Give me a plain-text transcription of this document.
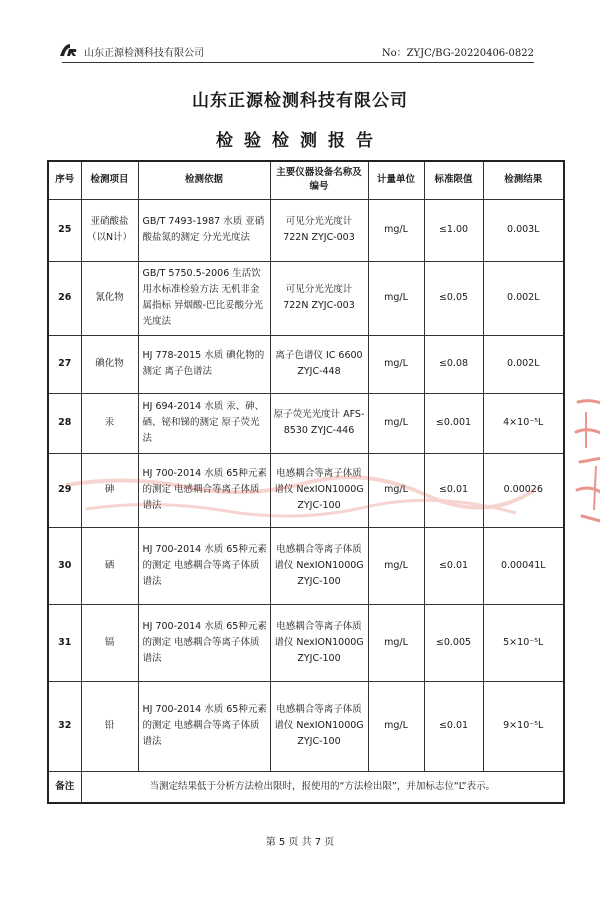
山东正源检测科技有限公司	No：ZYJC/BG-20220406-0822
山东正源检测科技有限公司
检验检测报告
序号	检测项目	检测依据	主要仪器设备名称及编号	计量单位	标准限值	检测结果
25	亚硝酸盐（以N计）	GB/T 7493-1987 水质 亚硝酸盐氮的测定 分光光度法	可见分光光度计 722N ZYJC-003	mg/L	≤1.00	0.003L
26	氰化物	GB/T 5750.5-2006 生活饮用水标准检验方法 无机非金属指标 异烟酸-巴比妥酸分光光度法	可见分光光度计 722N ZYJC-003	mg/L	≤0.05	0.002L
27	碘化物	HJ 778-2015 水质 碘化物的测定 离子色谱法	离子色谱仪 IC 6600 ZYJC-448	mg/L	≤0.08	0.002L
28	汞	HJ 694-2014 水质 汞、砷、硒、铋和锑的测定 原子荧光法	原子荧光光度计 AFS-8530 ZYJC-446	mg/L	≤0.001	4×10⁻⁵L
29	砷	HJ 700-2014 水质 65种元素的测定 电感耦合等离子体质谱法	电感耦合等离子体质谱仪 NexION1000G ZYJC-100	mg/L	≤0.01	0.00026
30	硒	HJ 700-2014 水质 65种元素的测定 电感耦合等离子体质谱法	电感耦合等离子体质谱仪 NexION1000G ZYJC-100	mg/L	≤0.01	0.00041L
31	镉	HJ 700-2014 水质 65种元素的测定 电感耦合等离子体质谱法	电感耦合等离子体质谱仪 NexION1000G ZYJC-100	mg/L	≤0.005	5×10⁻⁵L
32	铅	HJ 700-2014 水质 65种元素的测定 电感耦合等离子体质谱法	电感耦合等离子体质谱仪 NexION1000G ZYJC-100	mg/L	≤0.01	9×10⁻⁵L
备注	当测定结果低于分析方法检出限时，报使用的“方法检出限”，并加标志位“L”表示。					
第 5 页 共 7 页
